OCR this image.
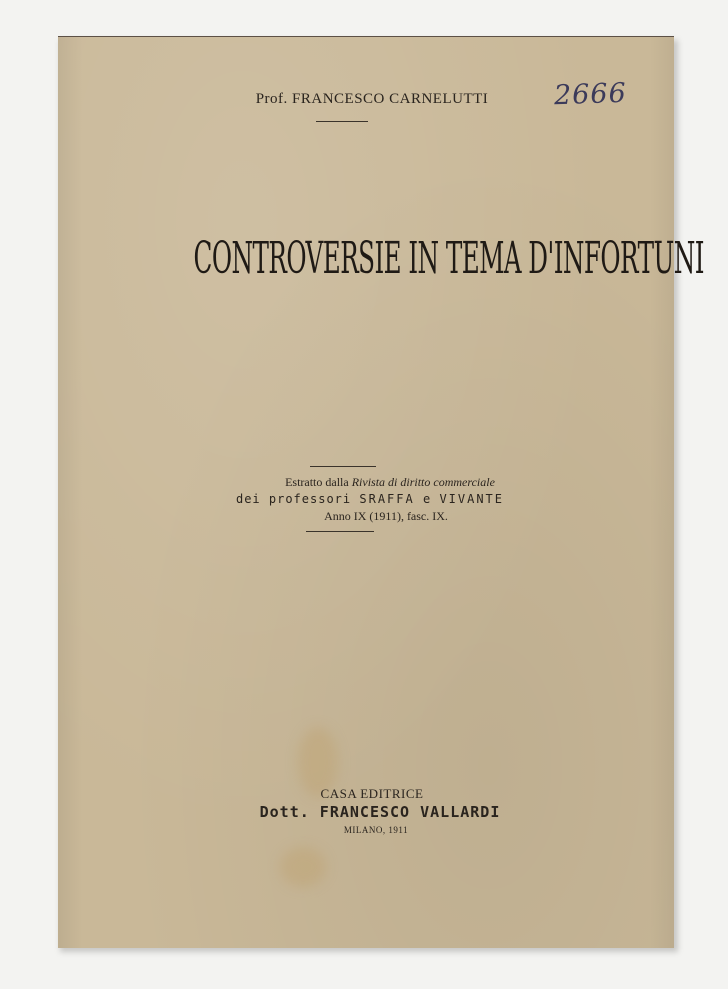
Prof. FRANCESCO CARNELUTTI	2666
CONTROVERSIE IN TEMA D'INFORTUNI
Estratto dalla Rivista di diritto commerciale
dei professori SRAFFA e VIVANTE
Anno IX (1911), fasc. IX.
CASA EDITRICE
Dott. FRANCESCO VALLARDI
MILANO, 1911
